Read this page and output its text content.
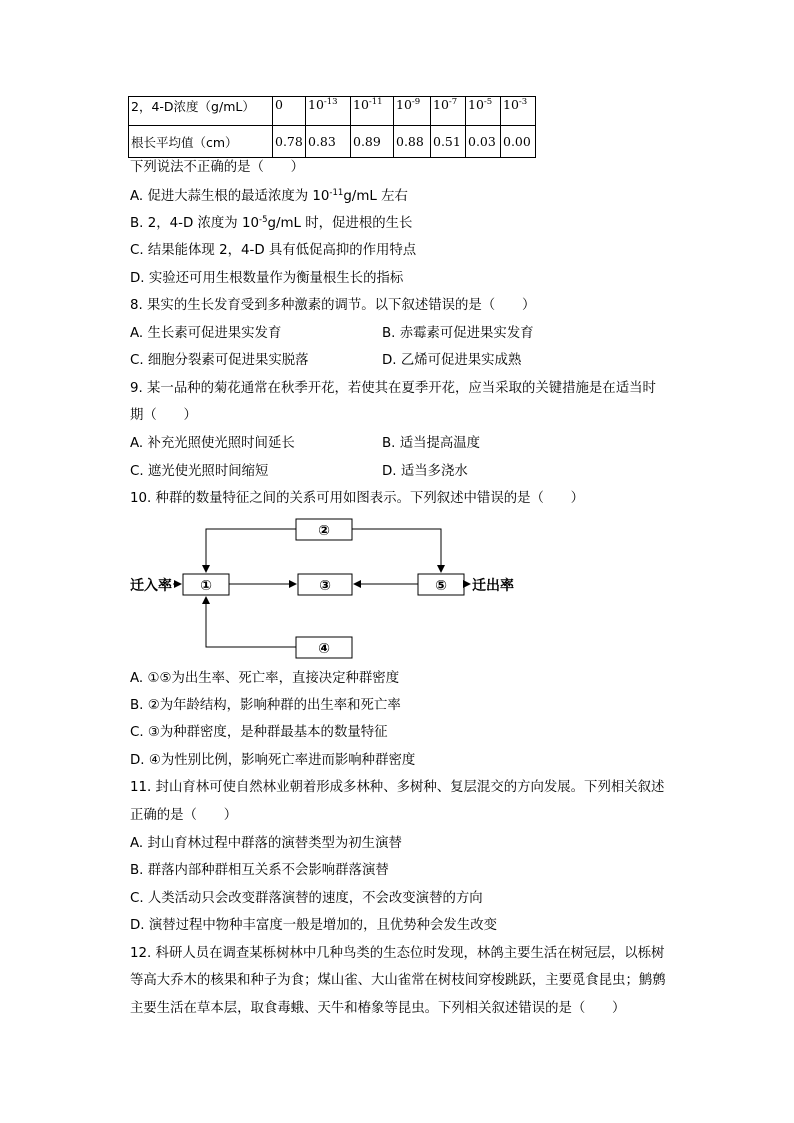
2，4-D浓度（g/mL）	0	$10^{-13}$	$10^{-11}$	$10^{-9}$	$10^{-7}$	$10^{-5}$	$10^{-3}$
根长平均值（cm）	0.78	0.83	0.89	0.88	0.51	0.03	0.00
下列说法不正确的是（　　）
A. 促进大蒜生根的最适浓度为 $10^{-11}g/mL$ 左右
B. 2，4-D 浓度为 $10^{-5}g/mL$ 时，促进根的生长
C. 结果能体现 2，4-D 具有低促高抑的作用特点
D. 实验还可用生根数量作为衡量根生长的指标
8. 果实的生长发育受到多种激素的调节。以下叙述错误的是（　　）
A. 生长素可促进果实发育	B. 赤霉素可促进果实发育
C. 细胞分裂素可促进果实脱落	D. 乙烯可促进果实成熟
9. 某一品种的菊花通常在秋季开花，若使其在夏季开花，应当采取的关键措施是在适当时
期（　　）
A. 补充光照使光照时间延长	B. 适当提高温度
C. 遮光使光照时间缩短	D. 适当多浇水
10. 种群的数量特征之间的关系可用如图表示。下列叙述中错误的是（　　）
②
①	③	⑤
④
迁入率	迁出率
A. ①⑤为出生率、死亡率，直接决定种群密度
B. ②为年龄结构，影响种群的出生率和死亡率
C. ③为种群密度，是种群最基本的数量特征
D. ④为性别比例，影响死亡率进而影响种群密度
11. 封山育林可使自然林业朝着形成多林种、多树种、复层混交的方向发展。下列相关叙述
正确的是（　　）
A. 封山育林过程中群落的演替类型为初生演替
B. 群落内部种群相互关系不会影响群落演替
C. 人类活动只会改变群落演替的速度，不会改变演替的方向
D. 演替过程中物种丰富度一般是增加的，且优势种会发生改变
12. 科研人员在调查某栎树林中几种鸟类的生态位时发现，林鸽主要生活在树冠层，以栎树
等高大乔木的核果和种子为食；煤山雀、大山雀常在树枝间穿梭跳跃，主要觅食昆虫；鹪鹩
主要生活在草本层，取食毒蛾、天牛和椿象等昆虫。下列相关叙述错误的是（　　）
